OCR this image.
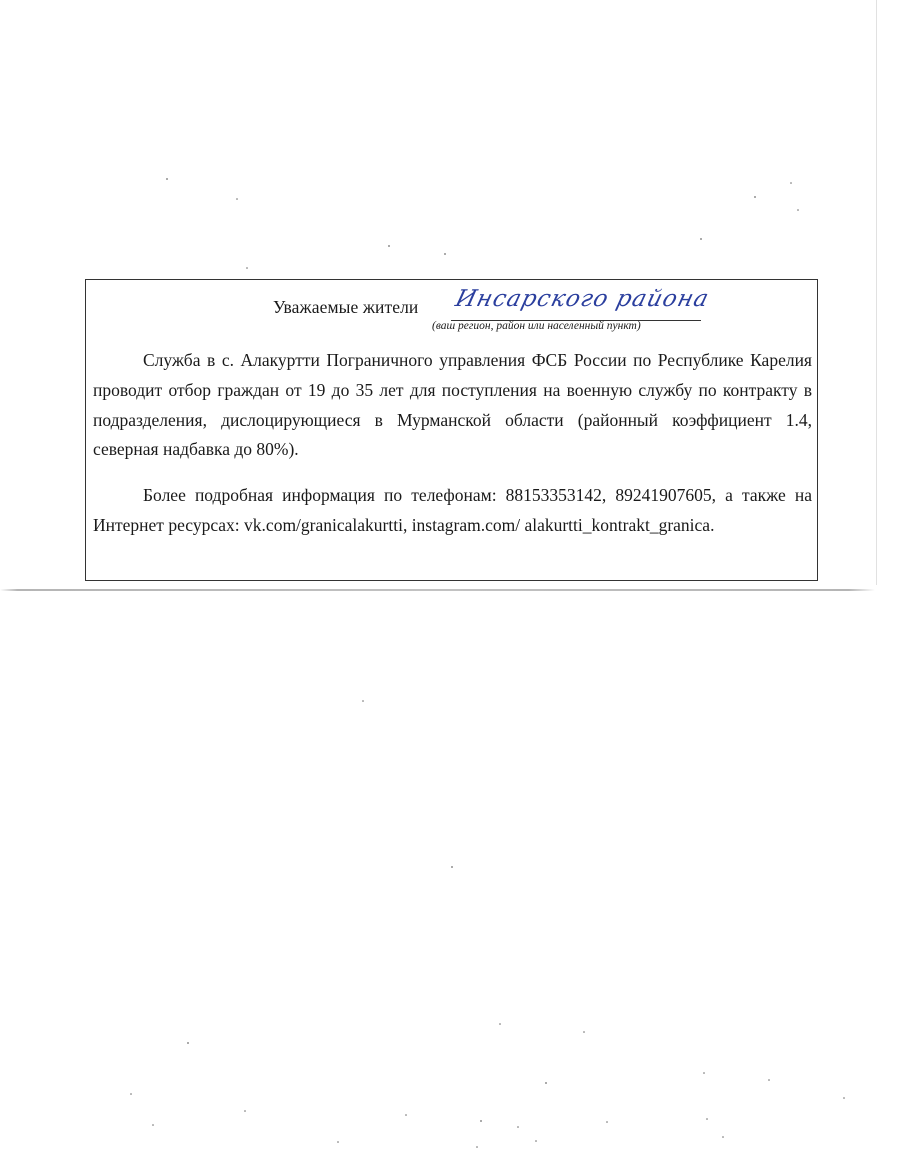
Уважаемые жители Инсарского района
(ваш регион, район или населенный пункт)

Служба в с. Алакуртти Пограничного управления ФСБ России по Республике Карелия проводит отбор граждан от 19 до 35 лет для поступления на военную службу по контракту в подразделения, дислоцирующиеся в Мурманской области (районный коэффициент 1.4, северная надбавка до 80%).

Более подробная информация по телефонам: 88153353142, 89241907605, а также на Интернет ресурсах: vk.com/granicalakurtti, instagram.com/ alakurtti_kontrakt_granica.
